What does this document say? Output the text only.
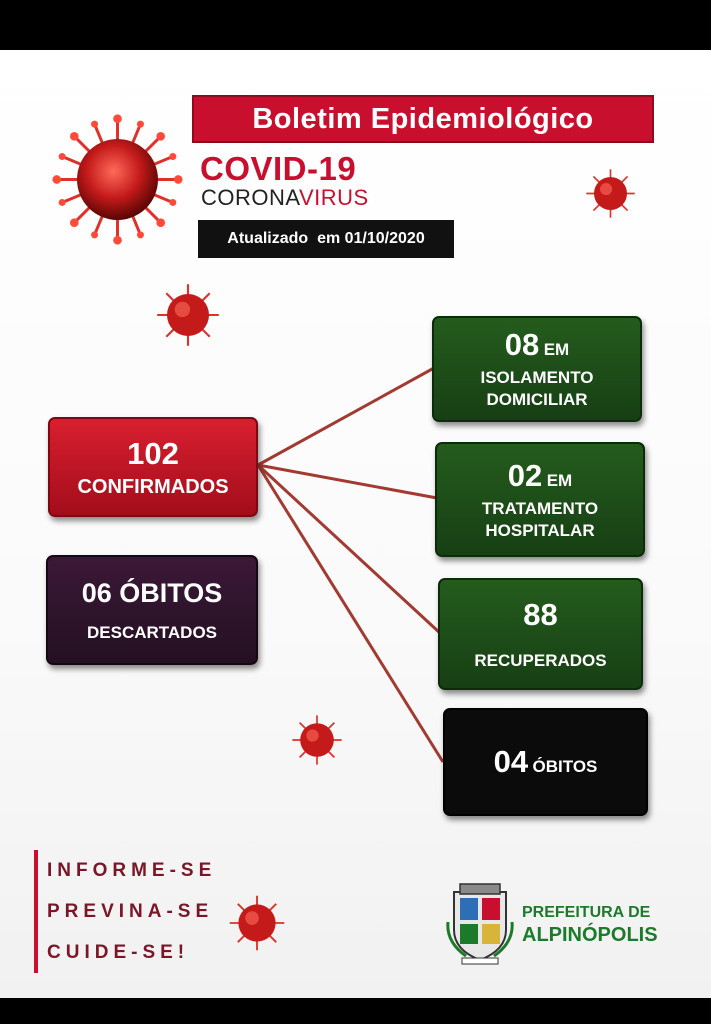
Boletim Epidemiológico
COVID-19
CORONAVIRUS
Atualizado  em 01/10/2020
102
CONFIRMADOS
06 ÓBITOS
DESCARTADOS
08 EM
ISOLAMENTO
DOMICILIAR
02 EM
TRATAMENTO
HOSPITALAR
88
RECUPERADOS
04 ÓBITOS
INFORME-SE
PREVINA-SE
CUIDE-SE!
PREFEITURA DE
ALPINÓPOLIS
